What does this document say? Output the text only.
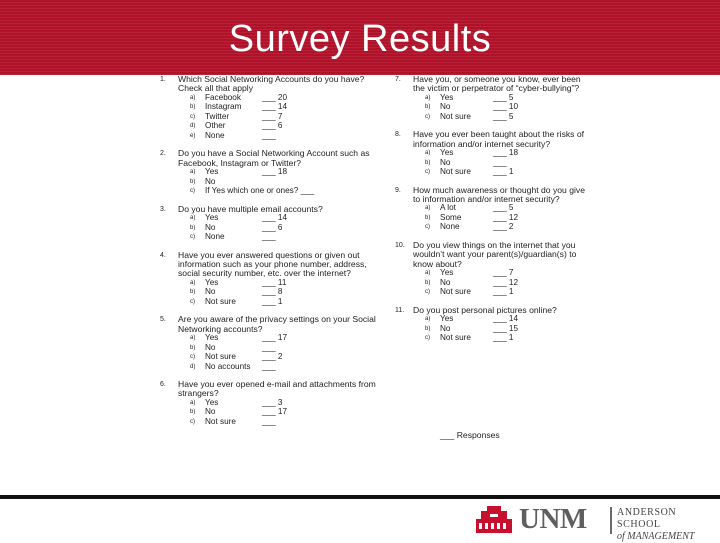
Survey Results
1. Which Social Networking Accounts do you have? Check all that apply
a) Facebook	___ 20
b) Instagram	___ 14
c) Twitter	___ 7
d) Other	___ 6
e) None	___
2. Do you have a Social Networking Account such as Facebook, Instagram or Twitter?
a) Yes	___ 18
b) No
c) If Yes which one or ones? ___
3. Do you have multiple email accounts?
a) Yes	___ 14
b) No	___ 6
c) None	___
4. Have you ever answered questions or given out information such as your phone number, address, social security number, etc. over the internet?
a) Yes	___ 11
b) No	___ 8
c) Not sure	___ 1
5. Are you aware of the privacy settings on your Social Networking accounts?
a) Yes	___ 17
b) No	___
c) Not sure	___ 2
d) No accounts ___
6. Have you ever opened e-mail and attachments from strangers?
a) Yes	___ 3
b) No	___ 17
c) Not sure	___
7. Have you, or someone you know, ever been the victim or perpetrator of “cyber-bullying”?
a) Yes	___ 5
b) No	___ 10
c) Not sure	___ 5
8. Have you ever been taught about the risks of information and/or internet security?
a) Yes	___ 18
b) No	___
c) Not sure	___ 1
9. How much awareness or thought do you give to information and/or internet security?
a) A lot	___ 5
b) Some	___ 12
c) None	___ 2
10. Do you view things on the internet that you wouldn’t want your parent(s)/guardian(s) to know about?
a) Yes	___ 7
b) No	___ 12
c) Not sure	___ 1
11. Do you post personal pictures online?
a) Yes	___ 14
b) No	___ 15
c) Not sure	___ 1
___ Responses
UNM	ANDERSON SCHOOL
of MANAGEMENT
